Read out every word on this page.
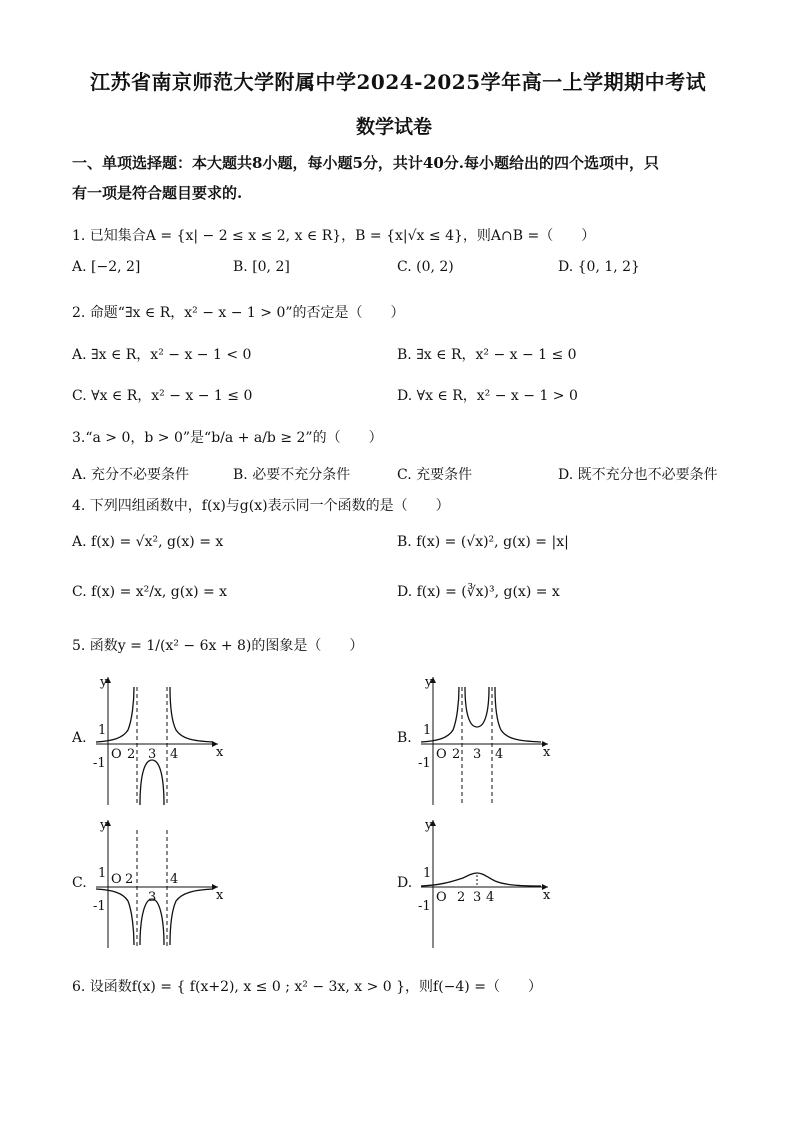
江苏省南京师范大学附属中学2024-2025学年高一上学期期中考试
数学试卷
一、单项选择题：本大题共8小题，每小题5分，共计40分.每小题给出的四个选项中，只
有一项是符合题目要求的.
1. 已知集合A = {x| − 2 ≤ x ≤ 2, x ∈ R}，B = {x|√x ≤ 4}，则A∩B =（　　）
A. [−2, 2]	B. [0, 2]	C. (0, 2)	D. {0, 1, 2}
2. 命题“∃x ∈ R，x² − x − 1 > 0”的否定是（　　）
A. ∃x ∈ R，x² − x − 1 < 0	B. ∃x ∈ R，x² − x − 1 ≤ 0
C. ∀x ∈ R，x² − x − 1 ≤ 0	D. ∀x ∈ R，x² − x − 1 > 0
3.“a > 0，b > 0”是“b/a + a/b ≥ 2”的（　　）
A. 充分不必要条件	B. 必要不充分条件	C. 充要条件	D. 既不充分也不必要条件
4. 下列四组函数中，f(x)与g(x)表示同一个函数的是（　　）
A. f(x) = √x², g(x) = x	B. f(x) = (√x)², g(x) = |x|
C. f(x) = x²/x, g(x) = x	D. f(x) = (∛x)³, g(x) = x
5. 函数y = 1/(x² − 6x + 8)的图象是（　　）
A.	B.
C.	D.
y
x
1
-1
O 2 3 4
y
x
1
-1
O 2 3 4
y
x
1
-1
O 2
3
4
y
x
1
-1
O 2 3 4
6. 设函数f(x) = { f(x+2), x ≤ 0 ; x² − 3x, x > 0 }，则f(−4) =（　　）
